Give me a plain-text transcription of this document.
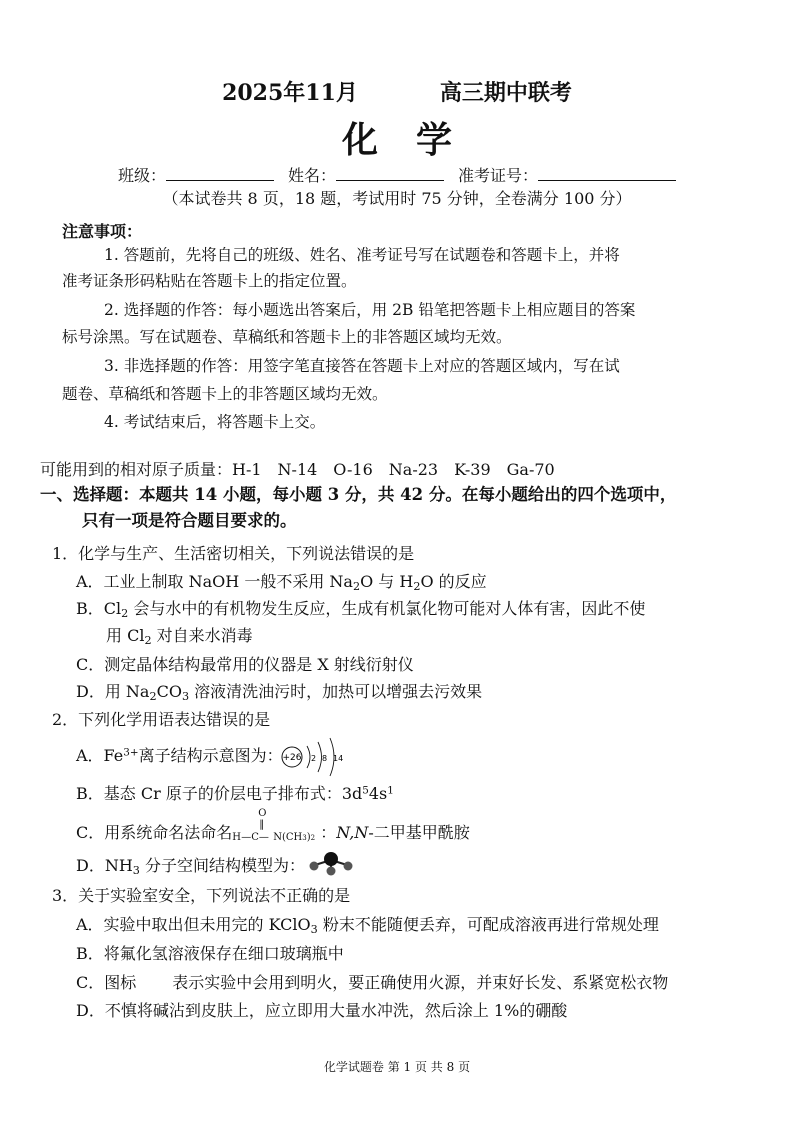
2025年11月	高三期中联考
化学
班级：	姓名：	准考证号：
（本试卷共 8 页，18 题，考试用时 75 分钟，全卷满分 100 分）
注意事项：
1. 答题前，先将自己的班级、姓名、准考证号写在试题卷和答题卡上，并将
准考证条形码粘贴在答题卡上的指定位置。
2. 选择题的作答：每小题选出答案后，用 2B 铅笔把答题卡上相应题目的答案
标号涂黑。写在试题卷、草稿纸和答题卡上的非答题区域均无效。
3. 非选择题的作答：用签字笔直接答在答题卡上对应的答题区域内，写在试
题卷、草稿纸和答题卡上的非答题区域均无效。
4. 考试结束后，将答题卡上交。
可能用到的相对原子质量：H-1　N-14　O-16　Na-23　K-39　Ga-70
一、选择题：本题共 14 小题，每小题 3 分，共 42 分。在每小题给出的四个选项中，
只有一项是符合题目要求的。
1．化学与生产、生活密切相关，下列说法错误的是
A．工业上制取 NaOH 一般不采用 $Na_2O$ 与 $H_2O$ 的反应
B．$Cl_2$ 会与水中的有机物发生反应，生成有机氯化物可能对人体有害，因此不使
用 $Cl_2$ 对自来水消毒
C．测定晶体结构最常用的仪器是 X 射线衍射仪
D．用 $Na_2CO_3$ 溶液清洗油污时，加热可以增强去污效果
2．下列化学用语表达错误的是
A．$Fe^{3+}$离子结构示意图为： +26 2 8 14
B．基态 Cr 原子的价层电子排布式：$3d^54s^1$
C．用系统命名法命名
O
‖
H —C— N(CH3)2 ：N,N-二甲基甲酰胺
D．$NH_3$ 分子空间结构模型为：
3．关于实验室安全，下列说法不正确的是
A．实验中取出但未用完的 KClO$_3$ 粉末不能随便丢弃，可配成溶液再进行常规处理
B．将氟化氢溶液保存在细口玻璃瓶中
C．图标 表示实验中会用到明火，要正确使用火源，并束好长发、系紧宽松衣物
D．不慎将碱沾到皮肤上，应立即用大量水冲洗，然后涂上 1%的硼酸
化学试题卷 第 1 页 共 8 页
